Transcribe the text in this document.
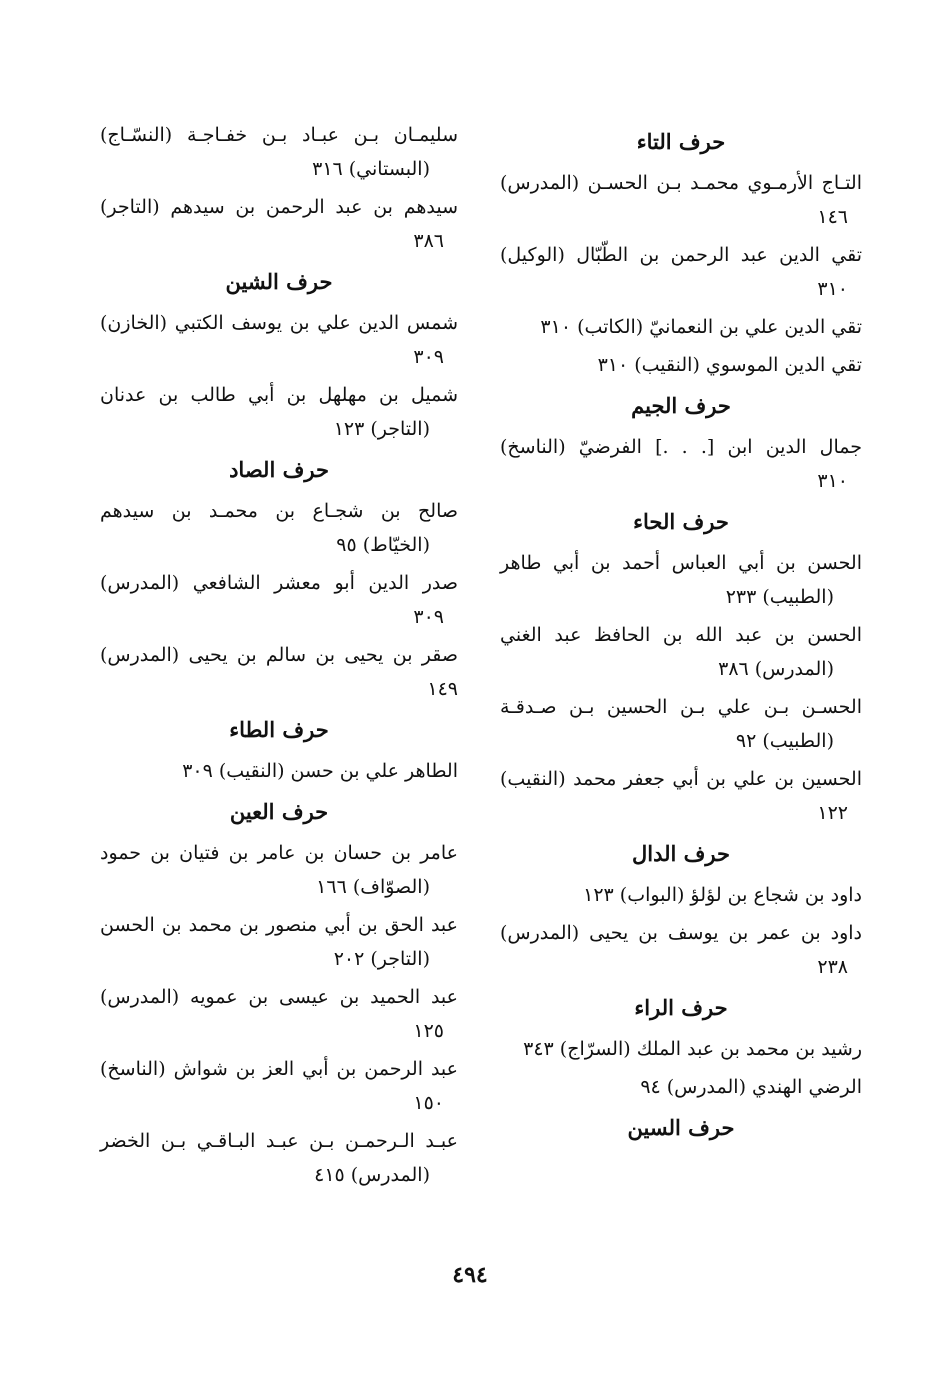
حرف التاء
التـاج الأرمـوي محمـد بـن الحسـن (المدرس)
١٤٦
تقي الدين عبد الرحمن بن الطّبّال (الوكيل)
٣١٠
تقي الدين علي بن النعمانيّ (الكاتب) ٣١٠
تقي الدين الموسوي (النقيب) ٣١٠
حرف الجيم
جمال الدين ابن [. . .] الفرضيّ (الناسخ)
٣١٠
حرف الحاء
الحسن بن أبي العباس أحمد بن أبي طاهر
(الطبيب) ٢٣٣
الحسن بن عبد الله بن الحافظ عبد الغني
(المدرس) ٣٨٦
الحسـن بـن علي بـن الحسين بـن صـدقـة
(الطبيب) ٩٢
الحسين بن علي بن أبي جعفر محمد (النقيب)
١٢٢
حرف الدال
داود بن شجاع بن لؤلؤ (البواب) ١٢٣
داود بن عمر بن يوسف بن يحيى (المدرس)
٢٣٨
حرف الراء
رشيد بن محمد بن عبد الملك (السرّاج) ٣٤٣
الرضي الهندي (المدرس) ٩٤
حرف السين
سليمـان بـن عبـاد بـن خفـاجـة (النسّـاج)
(البستاني) ٣١٦
سيدهم بن عبد الرحمن بن سيدهم (التاجر)
٣٨٦
حرف الشين
شمس الدين علي بن يوسف الكتبي (الخازن)
٣٠٩
شميل بن مهلهل بن أبي طالب بن عدنان
(التاجر) ١٢٣
حرف الصاد
صالح بن شجـاع بن محمـد بن سيدهم
(الخيّاط) ٩٥
صدر الدين أبو معشر الشافعي (المدرس)
٣٠٩
صقر بن يحيى بن سالم بن يحيى (المدرس) ١٤٩
حرف الطاء
الطاهر علي بن حسن (النقيب) ٣٠٩
حرف العين
عامر بن حسان بن عامر بن فتيان بن حمود
(الصوّاف) ١٦٦
عبد الحق بن أبي منصور بن محمد بن الحسن
(التاجر) ٢٠٢
عبد الحميد بن عيسى بن عمويه (المدرس)
١٢٥
عبد الرحمن بن أبي العز بن شواش (الناسخ)
١٥٠
عبـد الـرحمـن بـن عبـد البـاقـي بـن الخضر
(المدرس) ٤١٥
٤٩٤
